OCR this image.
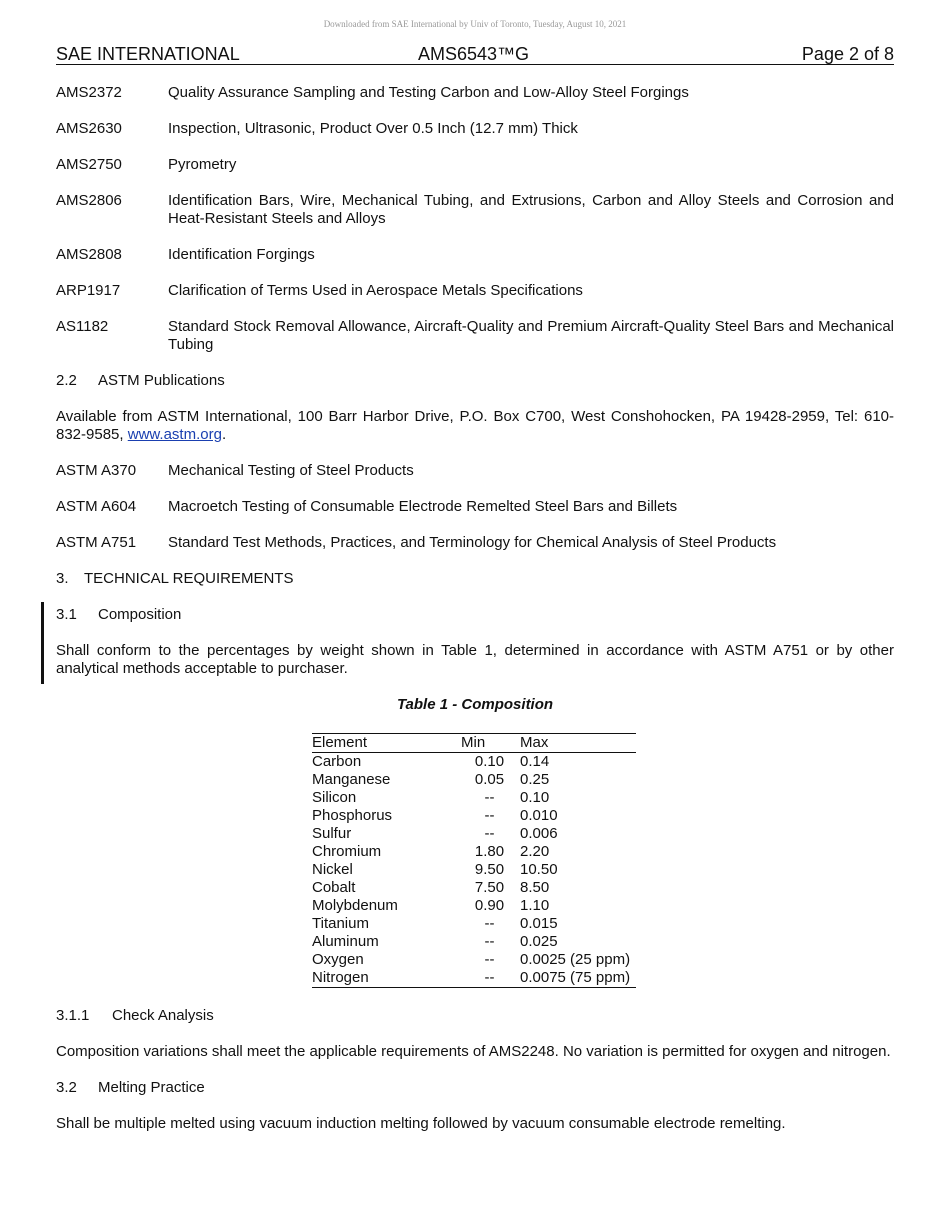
Downloaded from SAE International by Univ of Toronto, Tuesday, August 10, 2021
SAE INTERNATIONAL	AMS6543™G	Page 2 of 8
AMS2372	Quality Assurance Sampling and Testing Carbon and Low-Alloy Steel Forgings
AMS2630	Inspection, Ultrasonic, Product Over 0.5 Inch (12.7 mm) Thick
AMS2750	Pyrometry
AMS2806	Identification Bars, Wire, Mechanical Tubing, and Extrusions, Carbon and Alloy Steels and Corrosion and Heat-Resistant Steels and Alloys
AMS2808	Identification Forgings
ARP1917	Clarification of Terms Used in Aerospace Metals Specifications
AS1182	Standard Stock Removal Allowance, Aircraft-Quality and Premium Aircraft-Quality Steel Bars and Mechanical Tubing
2.2 ASTM Publications
Available from ASTM International, 100 Barr Harbor Drive, P.O. Box C700, West Conshohocken, PA 19428-2959, Tel: 610-832-9585, www.astm.org.
ASTM A370	Mechanical Testing of Steel Products
ASTM A604	Macroetch Testing of Consumable Electrode Remelted Steel Bars and Billets
ASTM A751	Standard Test Methods, Practices, and Terminology for Chemical Analysis of Steel Products
3. TECHNICAL REQUIREMENTS
3.1 Composition
Shall conform to the percentages by weight shown in Table 1, determined in accordance with ASTM A751 or by other analytical methods acceptable to purchaser.
Table 1 - Composition
Element	Min	Max
Carbon	0.10	0.14
Manganese	0.05	0.25
Silicon	--	0.10
Phosphorus	--	0.010
Sulfur	--	0.006
Chromium	1.80	2.20
Nickel	9.50	10.50
Cobalt	7.50	8.50
Molybdenum	0.90	1.10
Titanium	--	0.015
Aluminum	--	0.025
Oxygen	--	0.0025 (25 ppm)
Nitrogen	--	0.0075 (75 ppm)
3.1.1 Check Analysis
Composition variations shall meet the applicable requirements of AMS2248. No variation is permitted for oxygen and nitrogen.
3.2 Melting Practice
Shall be multiple melted using vacuum induction melting followed by vacuum consumable electrode remelting.
